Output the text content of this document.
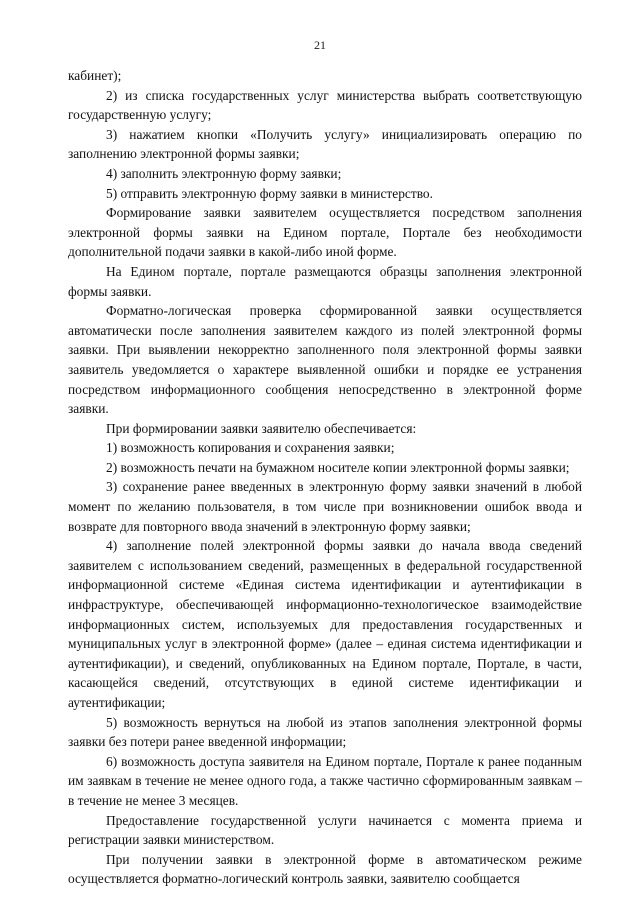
21

кабинет);

2) из списка государственных услуг министерства выбрать соответствующую государственную услугу;

3) нажатием кнопки «Получить услугу» инициализировать операцию по заполнению электронной формы заявки;

4) заполнить электронную форму заявки;

5) отправить электронную форму заявки в министерство.

Формирование заявки заявителем осуществляется посредством заполнения электронной формы заявки на Едином портале, Портале без необходимости дополнительной подачи заявки в какой-либо иной форме.

На Едином портале, портале размещаются образцы заполнения электронной формы заявки.

Форматно-логическая проверка сформированной заявки осуществляется автоматически после заполнения заявителем каждого из полей электронной формы заявки. При выявлении некорректно заполненного поля электронной формы заявки заявитель уведомляется о характере выявленной ошибки и порядке ее устранения посредством информационного сообщения непосредственно в электронной форме заявки.

При формировании заявки заявителю обеспечивается:

1) возможность копирования и сохранения заявки;

2) возможность печати на бумажном носителе копии электронной формы заявки;

3) сохранение ранее введенных в электронную форму заявки значений в любой момент по желанию пользователя, в том числе при возникновении ошибок ввода и возврате для повторного ввода значений в электронную форму заявки;

4) заполнение полей электронной формы заявки до начала ввода сведений заявителем с использованием сведений, размещенных в федеральной государственной информационной системе «Единая система идентификации и аутентификации в инфраструктуре, обеспечивающей информационно-технологическое взаимодействие информационных систем, используемых для предоставления государственных и муниципальных услуг в электронной форме» (далее – единая система идентификации и аутентификации), и сведений, опубликованных на Едином портале, Портале, в части, касающейся сведений, отсутствующих в единой системе идентификации и аутентификации;

5) возможность вернуться на любой из этапов заполнения электронной формы заявки без потери ранее введенной информации;

6) возможность доступа заявителя на Едином портале, Портале к ранее поданным им заявкам в течение не менее одного года, а также частично сформированным заявкам – в течение не менее 3 месяцев.

Предоставление государственной услуги начинается с момента приема и регистрации заявки министерством.

При получении заявки в электронной форме в автоматическом режиме осуществляется форматно-логический контроль заявки, заявителю сообщается
